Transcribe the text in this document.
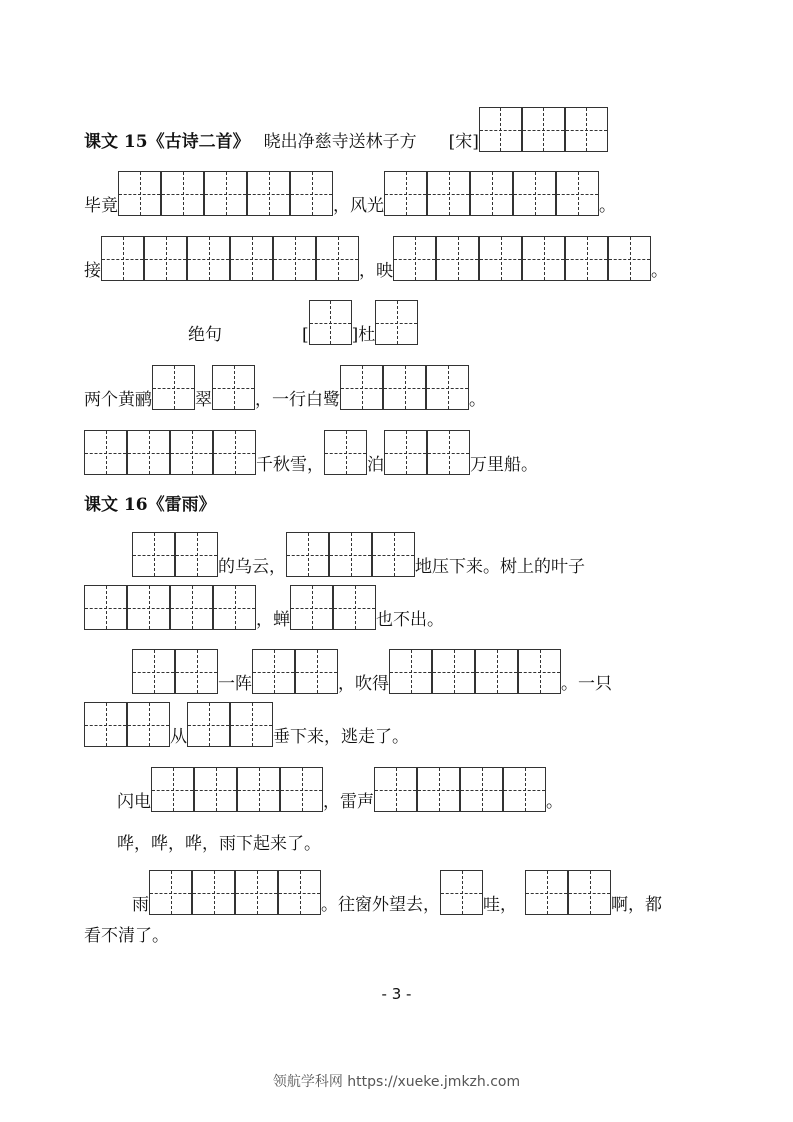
课文 15《古诗二首》 晓出净慈寺送林子方 [宋]
毕竟	，风光	。
接	，映	。
绝句	[	]杜
两个黄鹂	翠	，一行白鹭	。
千秋雪，	泊	万里船。
课文 16《雷雨》
的乌云，	地压下来。树上的叶子
，蝉	也不出。
一阵	，吹得	。一只
从	垂下来，逃走了。
闪电	，雷声	。
哗，哗，哗，雨下起来了。
雨	。往窗外望去，	哇，	啊，都
看不清了。
- 3 -
领航学科网 https://xueke.jmkzh.com
